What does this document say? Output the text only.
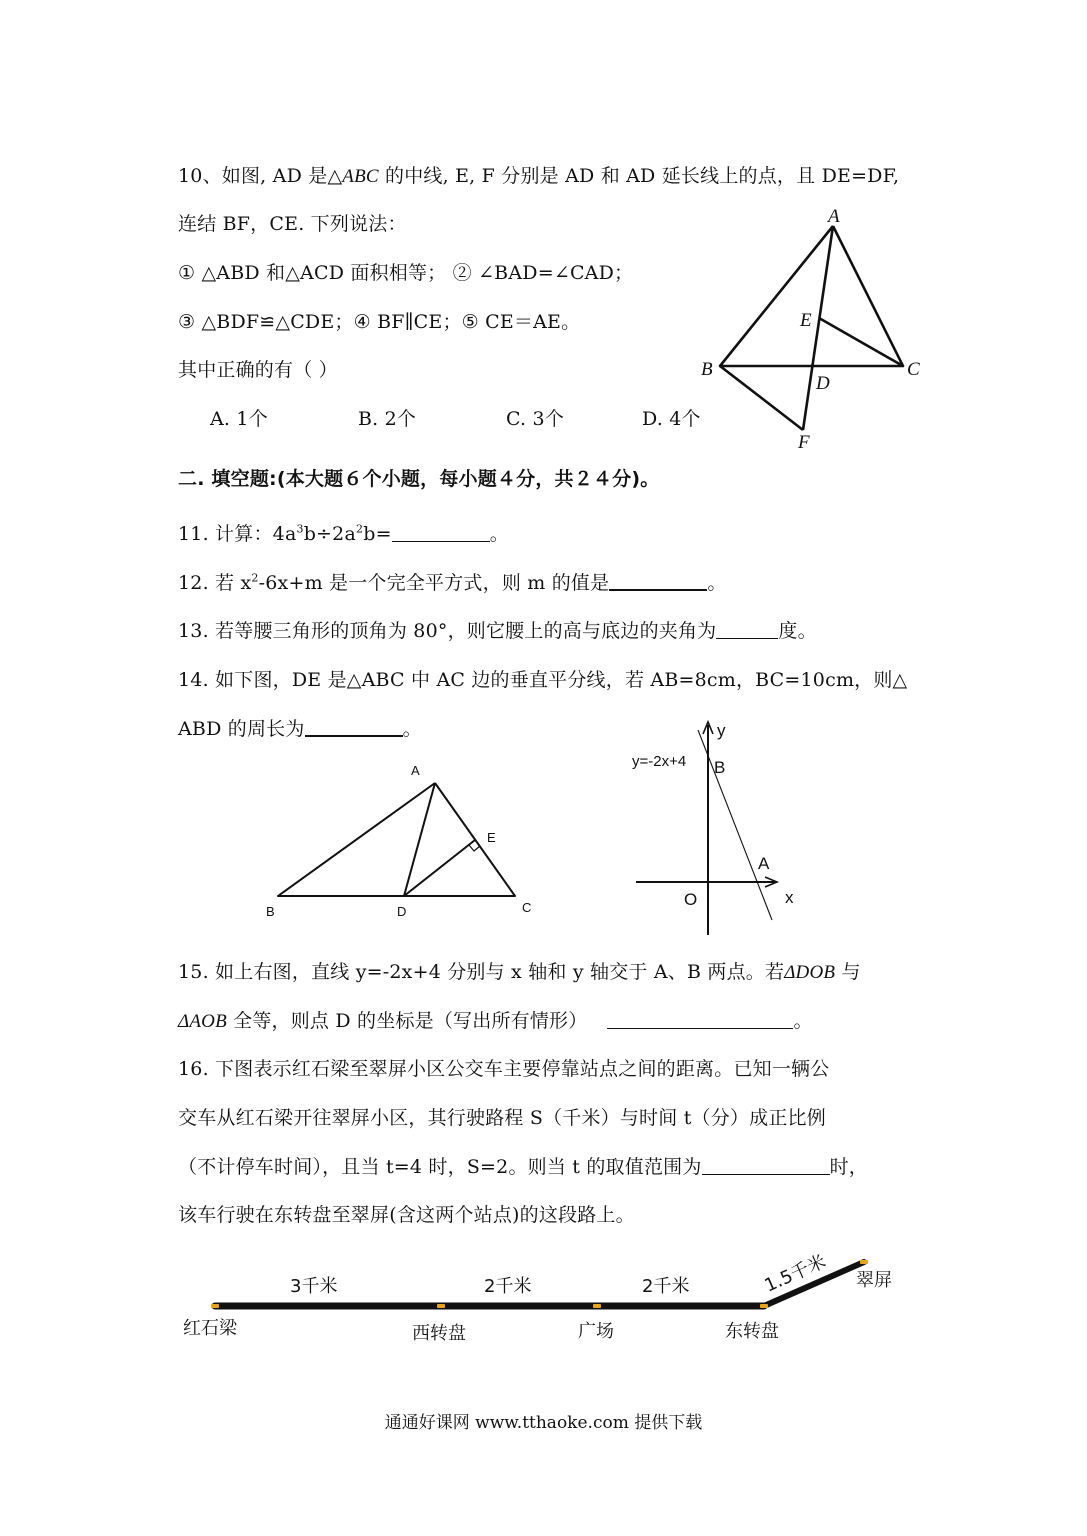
10、如图, AD 是△ABC 的中线, E, F 分别是 AD 和 AD 延长线上的点，且 DE=DF,
连结 BF，CE. 下列说法：
① △ABD 和△ACD 面积相等； ② ∠BAD=∠CAD；
③ △BDF≌△CDE；④ BF∥CE；⑤ CE＝AE。
其中正确的有（ ）
A. 1个	B. 2个	C. 3个	D. 4个
A
B	C
D
E
F
二. 填空题:(本大题６个小题，每小题４分，共２４分)。
11. 计算：$4a^3b\div 2a^2b=$	。
12. 若 $x^2-6x+m$ 是一个完全平方式，则 m 的值是	。
13. 若等腰三角形的顶角为 80°，则它腰上的高与底边的夹角为	度。
14. 如下图，DE 是△ABC 中 AC 边的垂直平分线，若 AB=8cm，BC=10cm，则△
ABD 的周长为	。
A
B	C
D
E
y
x
O
A
B
y=-2x+4
15. 如上右图，直线 y=-2x+4 分别与 x 轴和 y 轴交于 A、B 两点。若ΔDOB 与
ΔAOB 全等，则点 D 的坐标是（写出所有情形）	。
16. 下图表示红石梁至翠屏小区公交车主要停靠站点之间的距离。已知一辆公
交车从红石梁开往翠屏小区，其行驶路程 S（千米）与时间 t（分）成正比例
（不计停车时间），且当 t=4 时，S=2。则当 t 的取值范围为	时，
该车行驶在东转盘至翠屏(含这两个站点)的这段路上。
3千米	2千米	2千米	1.5千米
红石梁	西转盘	广场	东转盘
翠屏
通通好课网 www.tthaoke.com 提供下载
